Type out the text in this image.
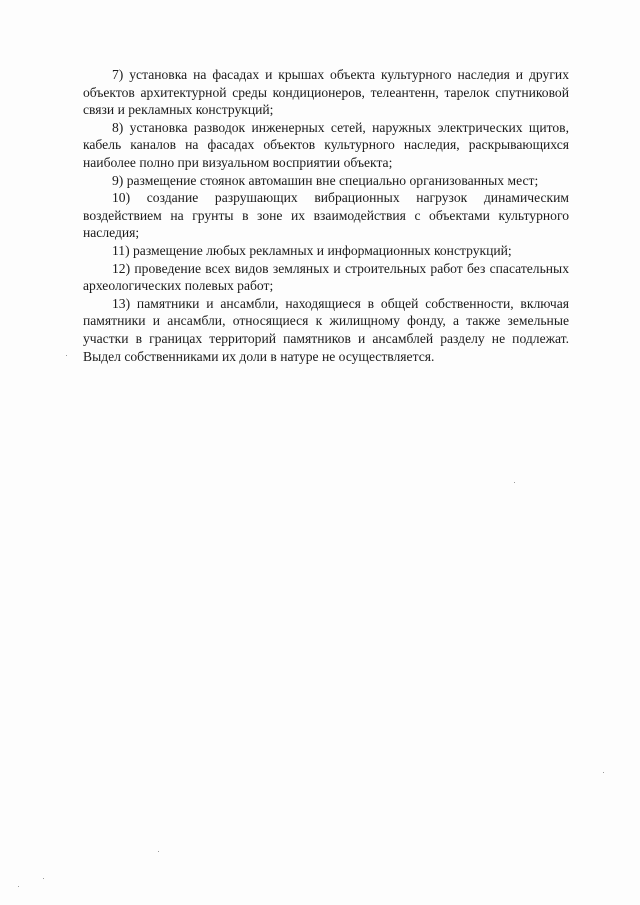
7) установка на фасадах и крышах объекта культурного наследия и других объектов архитектурной среды кондиционеров, телеантенн, тарелок спутниковой связи и рекламных конструкций;

8) установка разводок инженерных сетей, наружных электрических щитов, кабель каналов на фасадах объектов культурного наследия, раскрывающихся наиболее полно при визуальном восприятии объекта;

9) размещение стоянок автомашин вне специально организованных мест;

10) создание разрушающих вибрационных нагрузок динамическим воздействием на грунты в зоне их взаимодействия с объектами культурного наследия;

11) размещение любых рекламных и информационных конструкций;

12) проведение всех видов земляных и строительных работ без спасательных археологических полевых работ;

13) памятники и ансамбли, находящиеся в общей собственности, включая памятники и ансамбли, относящиеся к жилищному фонду, а также земельные участки в границах территорий памятников и ансамблей разделу не подлежат. Выдел собственниками их доли в натуре не осуществляется.
